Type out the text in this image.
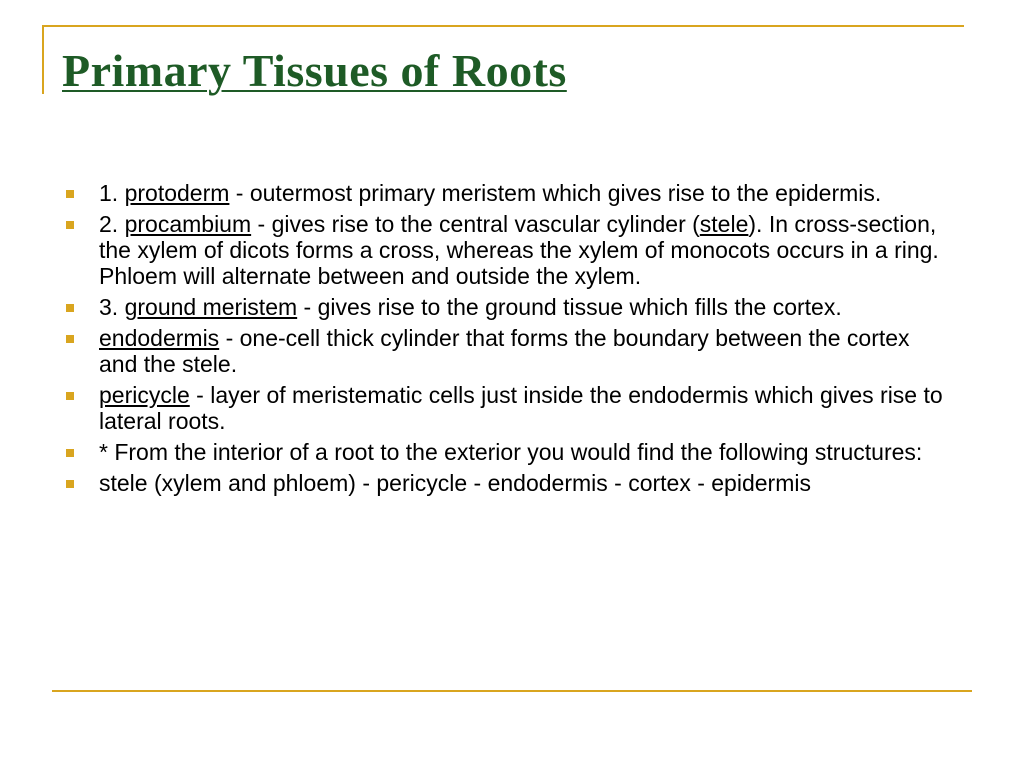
Primary Tissues of Roots
1. protoderm - outermost primary meristem which gives rise to the epidermis.
2. procambium - gives rise to the central vascular cylinder (stele). In cross-section, the xylem of dicots forms a cross, whereas the xylem of monocots occurs in a ring. Phloem will alternate between and outside the xylem.
3. ground meristem - gives rise to the ground tissue which fills the cortex.
endodermis - one-cell thick cylinder that forms the boundary between the cortex and the stele.
pericycle - layer of meristematic cells just inside the endodermis which gives rise to lateral roots.
* From the interior of a root to the exterior you would find the following structures:
stele (xylem and phloem) - pericycle - endodermis - cortex - epidermis
